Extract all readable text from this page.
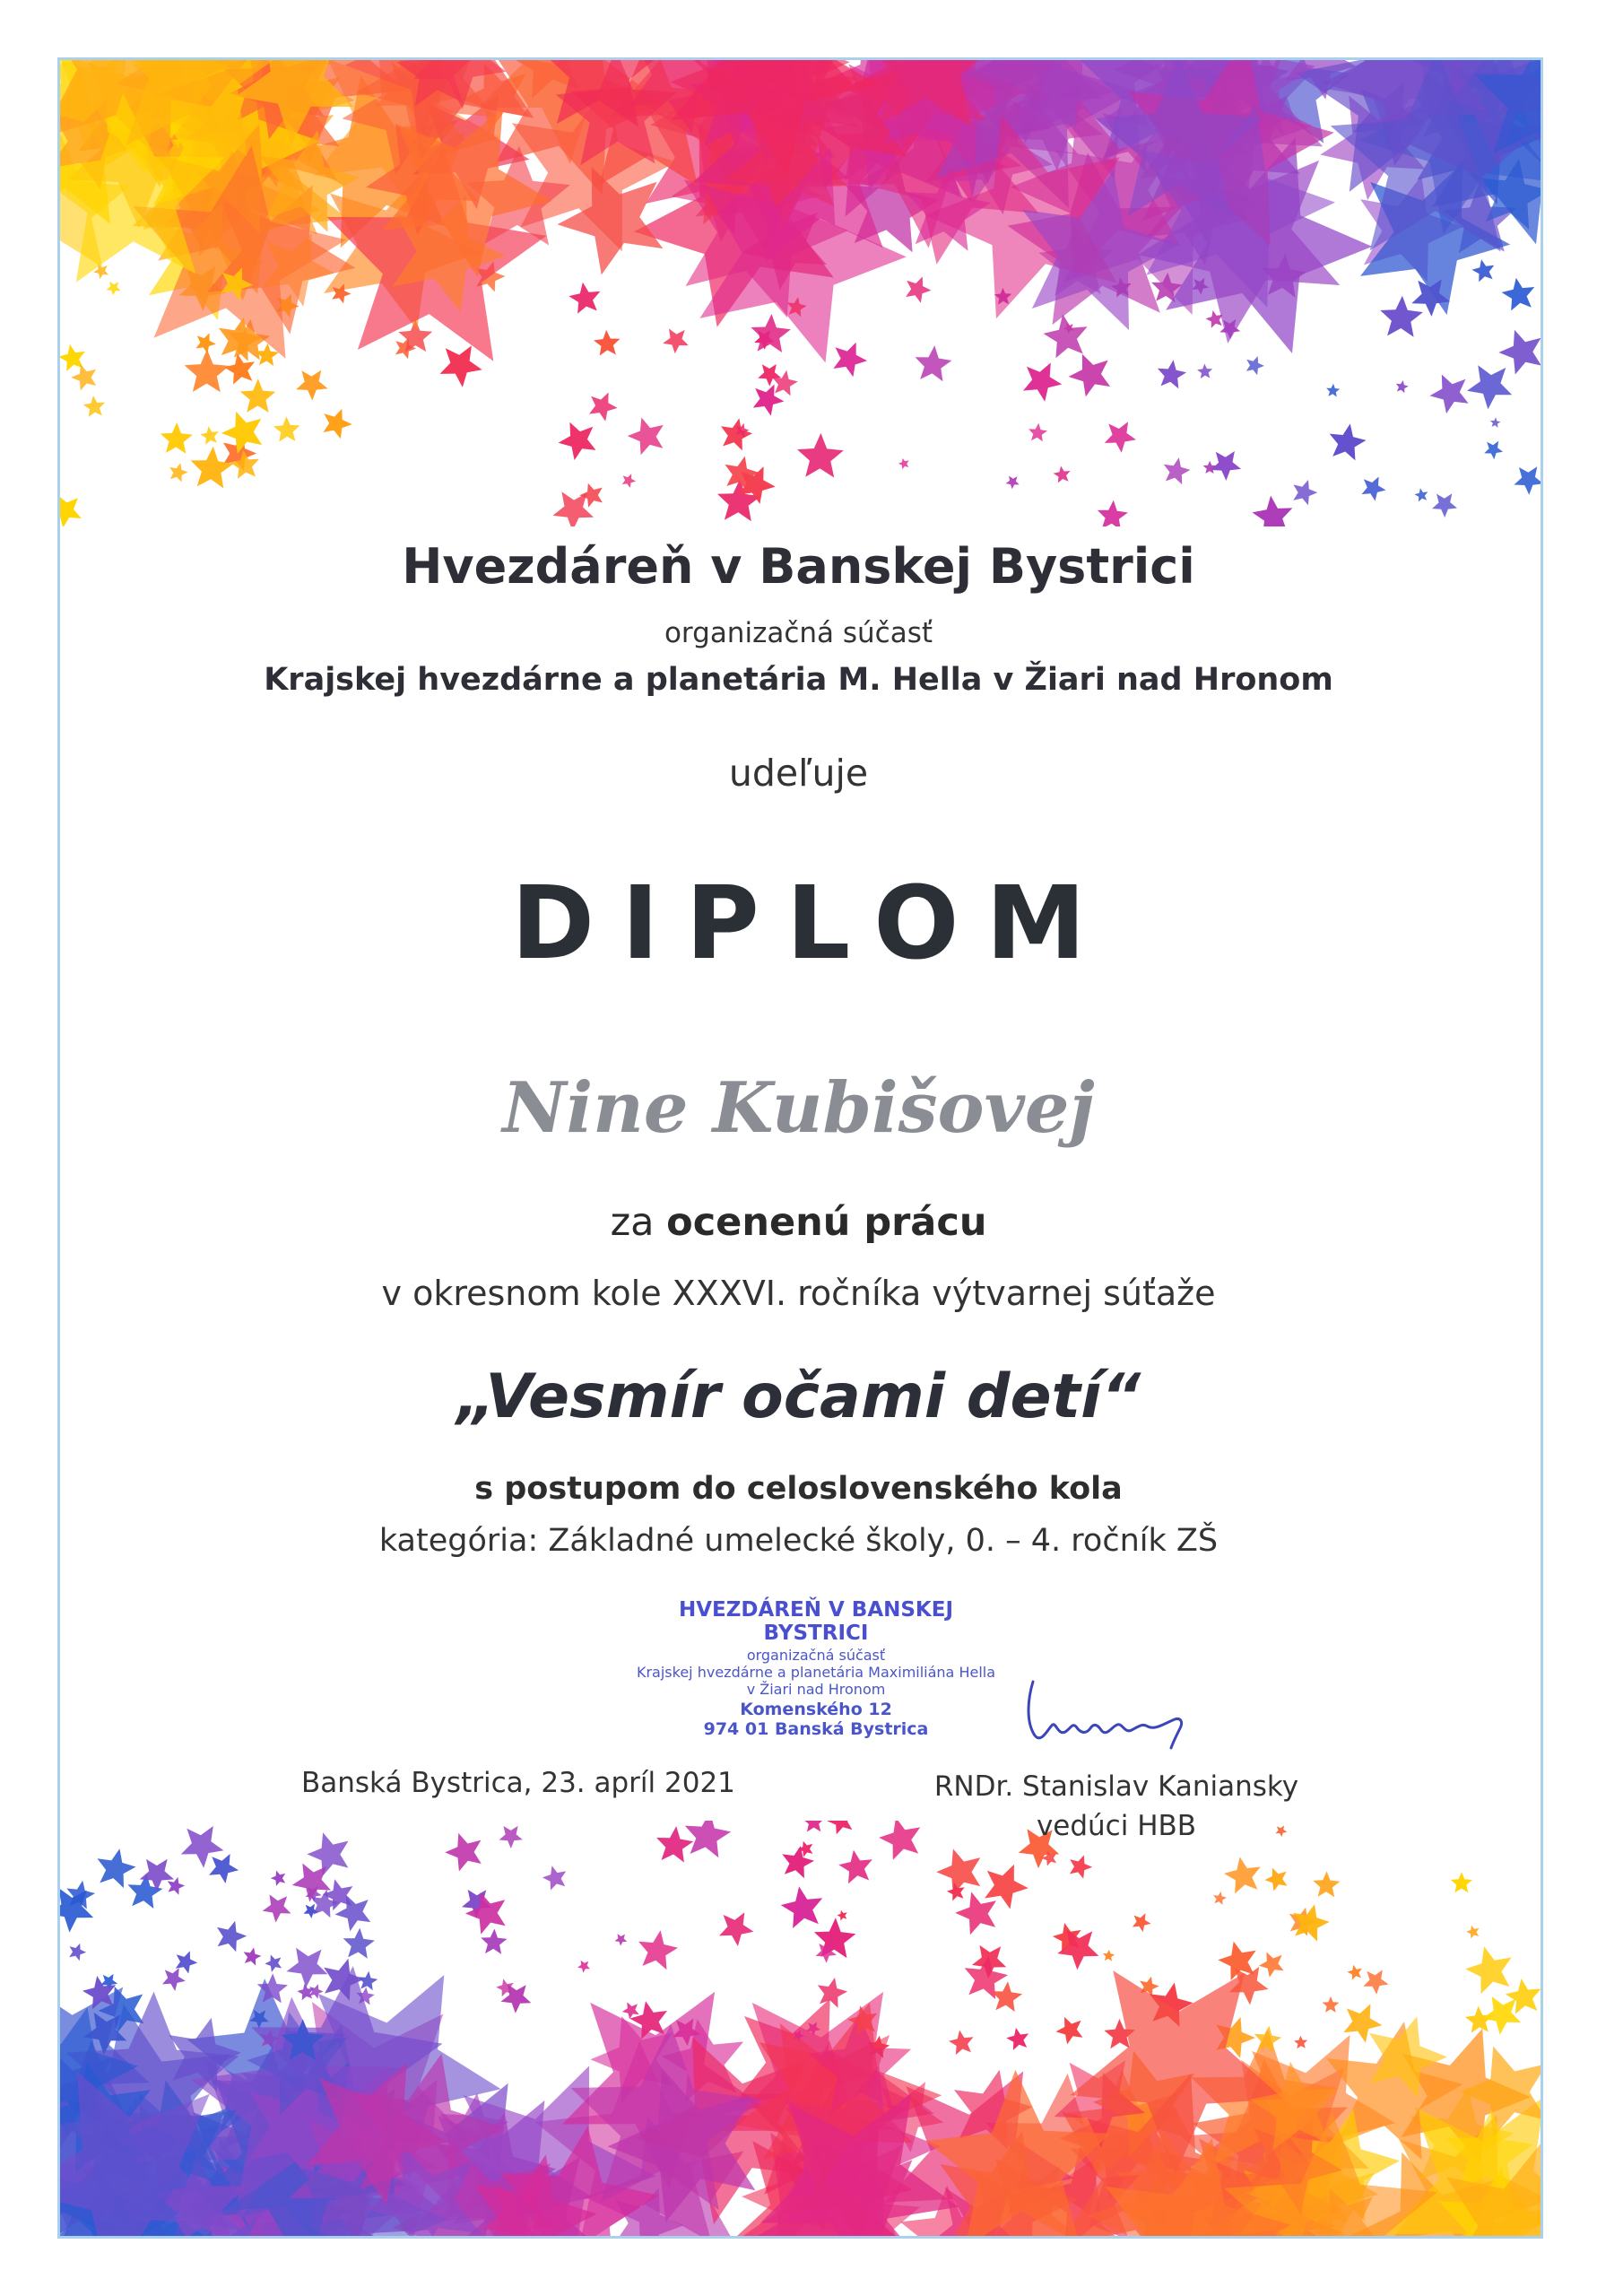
Hvezdáreň v Banskej Bystrici
organizačná súčasť
Krajskej hvezdárne a planetária M. Hella v Žiari nad Hronom
udeľuje
DIPLOM
Nine Kubišovej
za ocenenú prácu
v okresnom kole XXXVI. ročníka výtvarnej súťaže
„Vesmír očami detí“
s postupom do celoslovenského kola
kategória: Základné umelecké školy, 0. – 4. ročník ZŠ
HVEZDÁREŇ V BANSKEJ BYSTRICI
organizačná súčasť
Krajskej hvezdárne a planetária Maximiliána Hella
v Žiari nad Hronom
Komenského 12
974 01 Banská Bystrica
Banská Bystrica, 23. apríl 2021	RNDr. Stanislav Kaniansky
vedúci HBB
